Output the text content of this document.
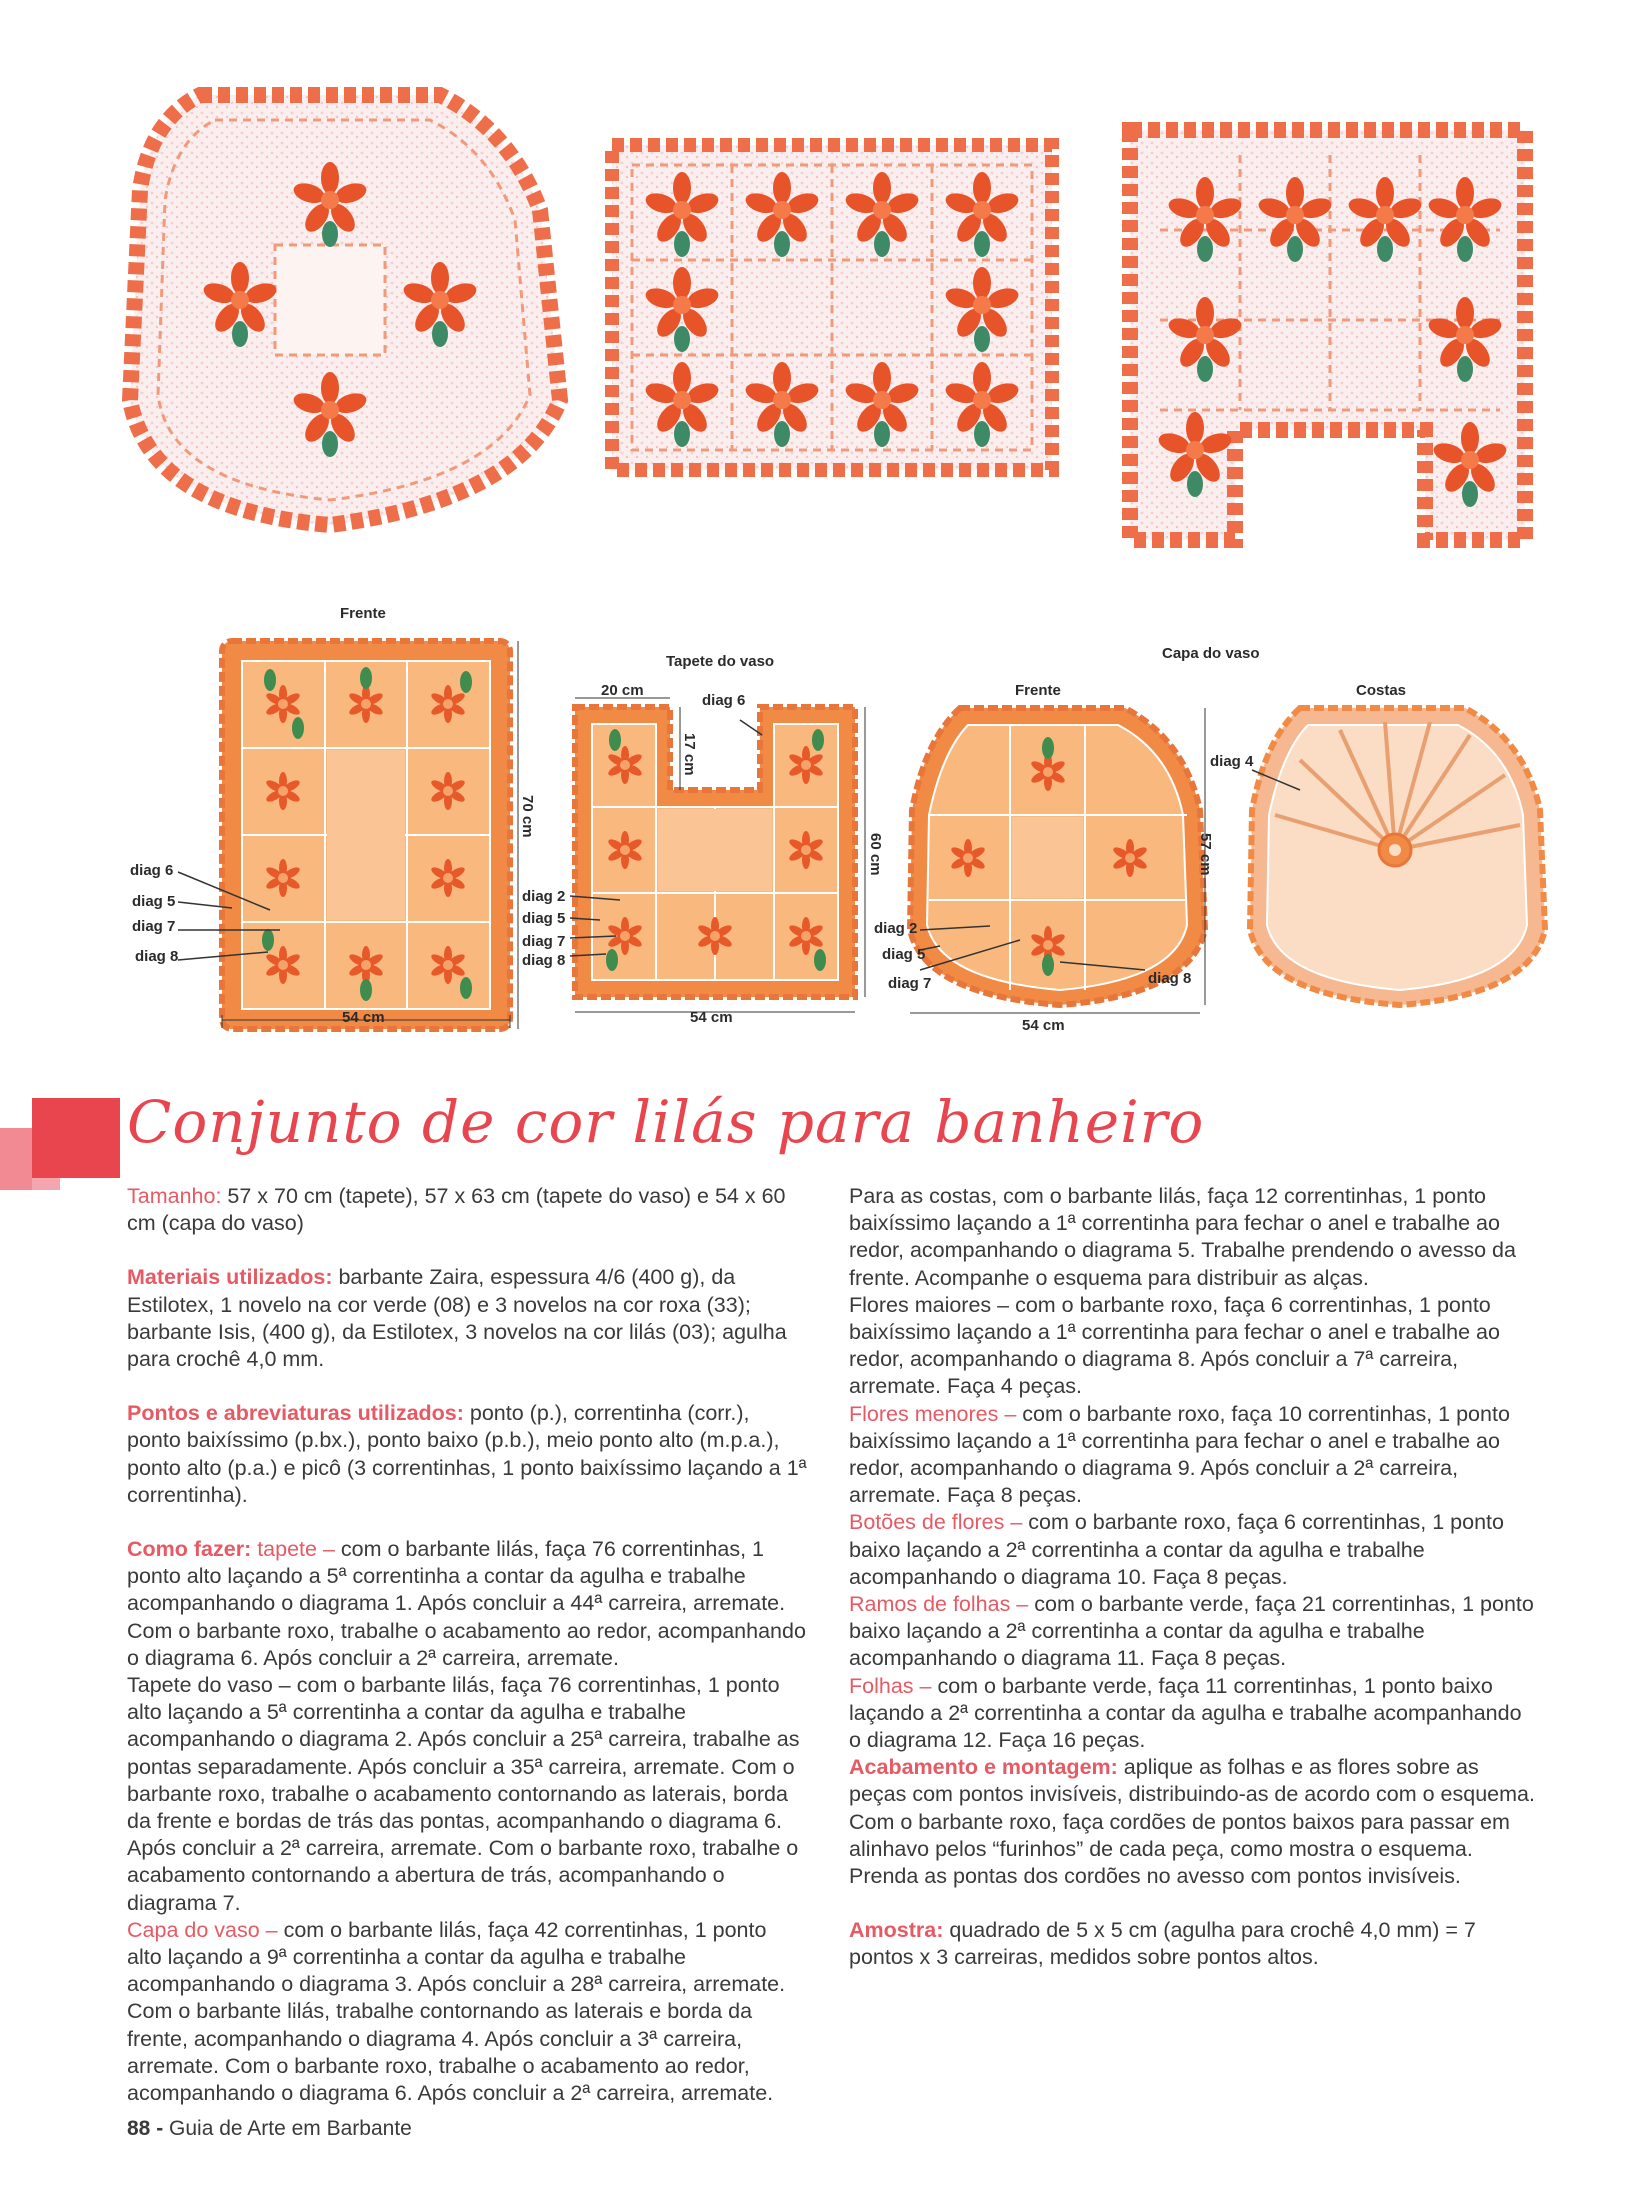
Frente
diag 6
diag 5
diag 7
diag 8
54 cm
70 cm
Tapete do vaso
20 cm
diag 6
17 cm
60 cm
diag 2
diag 5
diag 7
diag 8
54 cm
Capa do vaso
Frente	Costas
diag 4
57 cm
diag 2
diag 5
diag 7	diag 8
54 cm
Conjunto de cor lilás para banheiro

Tamanho: 57 x 70 cm (tapete), 57 x 63 cm (tapete do vaso) e 54 x 60 cm (capa do vaso)

Materiais utilizados: barbante Zaira, espessura 4/6 (400 g), da Estilotex, 1 novelo na cor verde (08) e 3 novelos na cor roxa (33); barbante Isis, (400 g), da Estilotex, 3 novelos na cor lilás (03); agulha para crochê 4,0 mm.

Pontos e abreviaturas utilizados: ponto (p.), correntinha (corr.), ponto baixíssimo (p.bx.), ponto baixo (p.b.), meio ponto alto (m.p.a.), ponto alto (p.a.) e picô (3 correntinhas, 1 ponto baixíssimo laçando a 1ª correntinha).

Como fazer: tapete – com o barbante lilás, faça 76 correntinhas, 1 ponto alto laçando a 5ª correntinha a contar da agulha e trabalhe acompanhando o diagrama 1. Após concluir a 44ª carreira, arremate. Com o barbante roxo, trabalhe o acabamento ao redor, acompanhando o diagrama 6. Após concluir a 2ª carreira, arremate.

Tapete do vaso – com o barbante lilás, faça 76 correntinhas, 1 ponto alto laçando a 5ª correntinha a contar da agulha e trabalhe acompanhando o diagrama 2. Após concluir a 25ª carreira, trabalhe as pontas separadamente. Após concluir a 35ª carreira, arremate. Com o barbante roxo, trabalhe o acabamento contornando as laterais, borda da frente e bordas de trás das pontas, acompanhando o diagrama 6. Após concluir a 2ª carreira, arremate. Com o barbante roxo, trabalhe o acabamento contornando a abertura de trás, acompanhando o diagrama 7.

Capa do vaso – com o barbante lilás, faça 42 correntinhas, 1 ponto alto laçando a 9ª correntinha a contar da agulha e trabalhe acompanhando o diagrama 3. Após concluir a 28ª carreira, arremate. Com o barbante lilás, trabalhe contornando as laterais e borda da frente, acompanhando o diagrama 4. Após concluir a 3ª carreira, arremate. Com o barbante roxo, trabalhe o acabamento ao redor, acompanhando o diagrama 6. Após concluir a 2ª carreira, arremate.

88 - Guia de Arte em Barbante

Para as costas, com o barbante lilás, faça 12 correntinhas, 1 ponto baixíssimo laçando a 1ª correntinha para fechar o anel e trabalhe ao redor, acompanhando o diagrama 5. Trabalhe prendendo o avesso da frente. Acompanhe o esquema para distribuir as alças.

Flores maiores – com o barbante roxo, faça 6 correntinhas, 1 ponto baixíssimo laçando a 1ª correntinha para fechar o anel e trabalhe ao redor, acompanhando o diagrama 8. Após concluir a 7ª carreira, arremate. Faça 4 peças.

Flores menores – com o barbante roxo, faça 10 correntinhas, 1 ponto baixíssimo laçando a 1ª correntinha para fechar o anel e trabalhe ao redor, acompanhando o diagrama 9. Após concluir a 2ª carreira, arremate. Faça 8 peças.

Botões de flores – com o barbante roxo, faça 6 correntinhas, 1 ponto baixo laçando a 2ª correntinha a contar da agulha e trabalhe acompanhando o diagrama 10. Faça 8 peças.

Ramos de folhas – com o barbante verde, faça 21 correntinhas, 1 ponto baixo laçando a 2ª correntinha a contar da agulha e trabalhe acompanhando o diagrama 11. Faça 8 peças.

Folhas – com o barbante verde, faça 11 correntinhas, 1 ponto baixo laçando a 2ª correntinha a contar da agulha e trabalhe acompanhando o diagrama 12. Faça 16 peças.

Acabamento e montagem: aplique as folhas e as flores sobre as peças com pontos invisíveis, distribuindo-as de acordo com o esquema. Com o barbante roxo, faça cordões de pontos baixos para passar em alinhavo pelos “furinhos” de cada peça, como mostra o esquema. Prenda as pontas dos cordões no avesso com pontos invisíveis.

Amostra: quadrado de 5 x 5 cm (agulha para crochê 4,0 mm) = 7 pontos x 3 carreiras, medidos sobre pontos altos.
